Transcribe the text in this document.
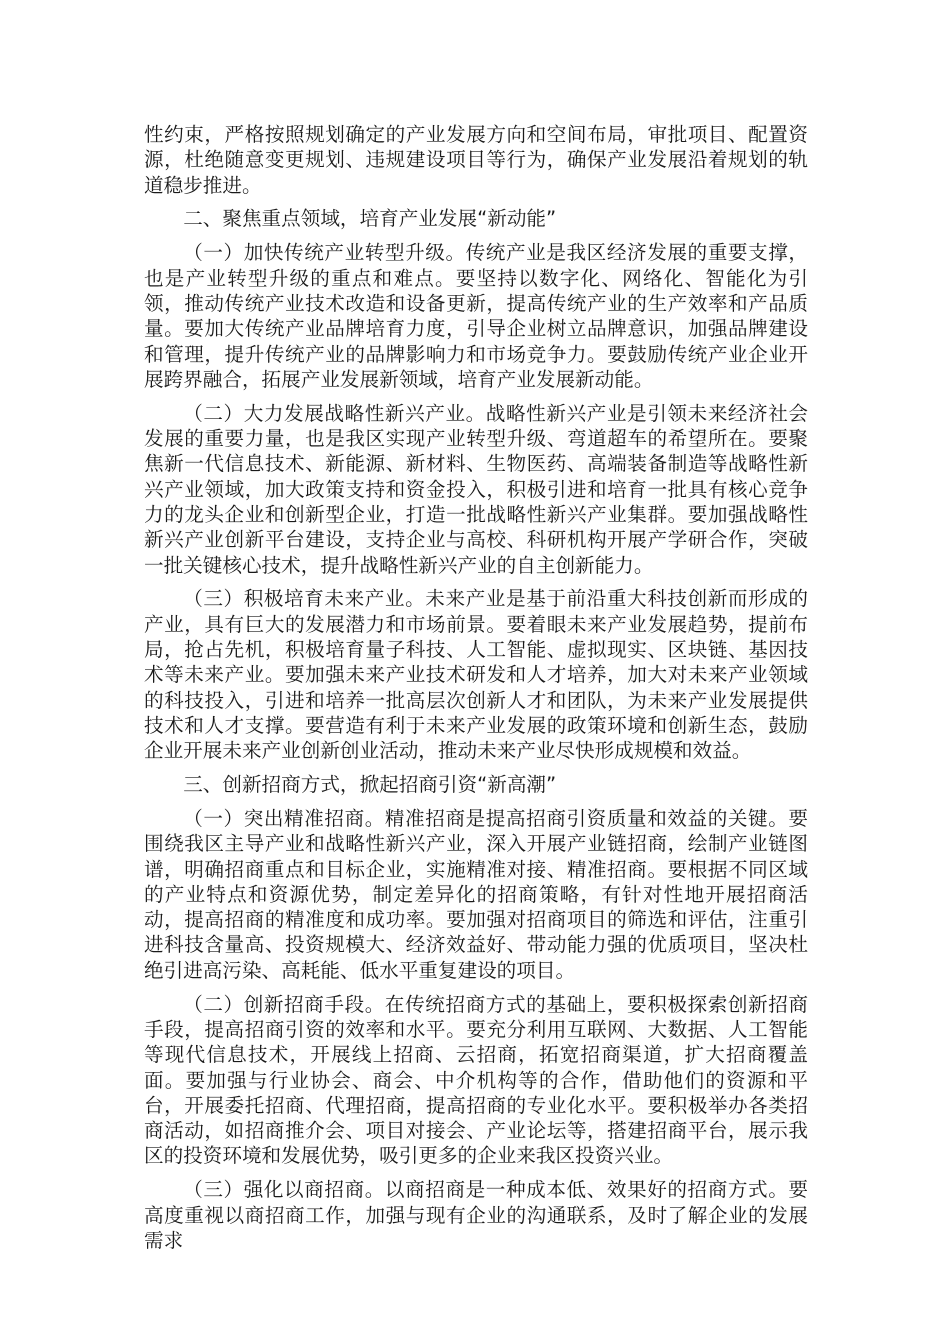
性约束，严格按照规划确定的产业发展方向和空间布局，审批项目、配置资源，杜绝随意变更规划、违规建设项目等行为，确保产业发展沿着规划的轨道稳步推进。

二、聚焦重点领域，培育产业发展“新动能”

（一）加快传统产业转型升级。传统产业是我区经济发展的重要支撑，也是产业转型升级的重点和难点。要坚持以数字化、网络化、智能化为引领，推动传统产业技术改造和设备更新，提高传统产业的生产效率和产品质量。要加大传统产业品牌培育力度，引导企业树立品牌意识，加强品牌建设和管理，提升传统产业的品牌影响力和市场竞争力。要鼓励传统产业企业开展跨界融合，拓展产业发展新领域，培育产业发展新动能。

（二）大力发展战略性新兴产业。战略性新兴产业是引领未来经济社会发展的重要力量，也是我区实现产业转型升级、弯道超车的希望所在。要聚焦新一代信息技术、新能源、新材料、生物医药、高端装备制造等战略性新兴产业领域，加大政策支持和资金投入，积极引进和培育一批具有核心竞争力的龙头企业和创新型企业，打造一批战略性新兴产业集群。要加强战略性新兴产业创新平台建设，支持企业与高校、科研机构开展产学研合作，突破一批关键核心技术，提升战略性新兴产业的自主创新能力。

（三）积极培育未来产业。未来产业是基于前沿重大科技创新而形成的产业，具有巨大的发展潜力和市场前景。要着眼未来产业发展趋势，提前布局，抢占先机，积极培育量子科技、人工智能、虚拟现实、区块链、基因技术等未来产业。要加强未来产业技术研发和人才培养，加大对未来产业领域的科技投入，引进和培养一批高层次创新人才和团队，为未来产业发展提供技术和人才支撑。要营造有利于未来产业发展的政策环境和创新生态，鼓励企业开展未来产业创新创业活动，推动未来产业尽快形成规模和效益。

三、创新招商方式，掀起招商引资“新高潮”

（一）突出精准招商。精准招商是提高招商引资质量和效益的关键。要围绕我区主导产业和战略性新兴产业，深入开展产业链招商，绘制产业链图谱，明确招商重点和目标企业，实施精准对接、精准招商。要根据不同区域的产业特点和资源优势，制定差异化的招商策略，有针对性地开展招商活动，提高招商的精准度和成功率。要加强对招商项目的筛选和评估，注重引进科技含量高、投资规模大、经济效益好、带动能力强的优质项目，坚决杜绝引进高污染、高耗能、低水平重复建设的项目。

（二）创新招商手段。在传统招商方式的基础上，要积极探索创新招商手段，提高招商引资的效率和水平。要充分利用互联网、大数据、人工智能等现代信息技术，开展线上招商、云招商，拓宽招商渠道，扩大招商覆盖面。要加强与行业协会、商会、中介机构等的合作，借助他们的资源和平台，开展委托招商、代理招商，提高招商的专业化水平。要积极举办各类招商活动，如招商推介会、项目对接会、产业论坛等，搭建招商平台，展示我区的投资环境和发展优势，吸引更多的企业来我区投资兴业。

（三）强化以商招商。以商招商是一种成本低、效果好的招商方式。要高度重视以商招商工作，加强与现有企业的沟通联系，及时了解企业的发展需求
